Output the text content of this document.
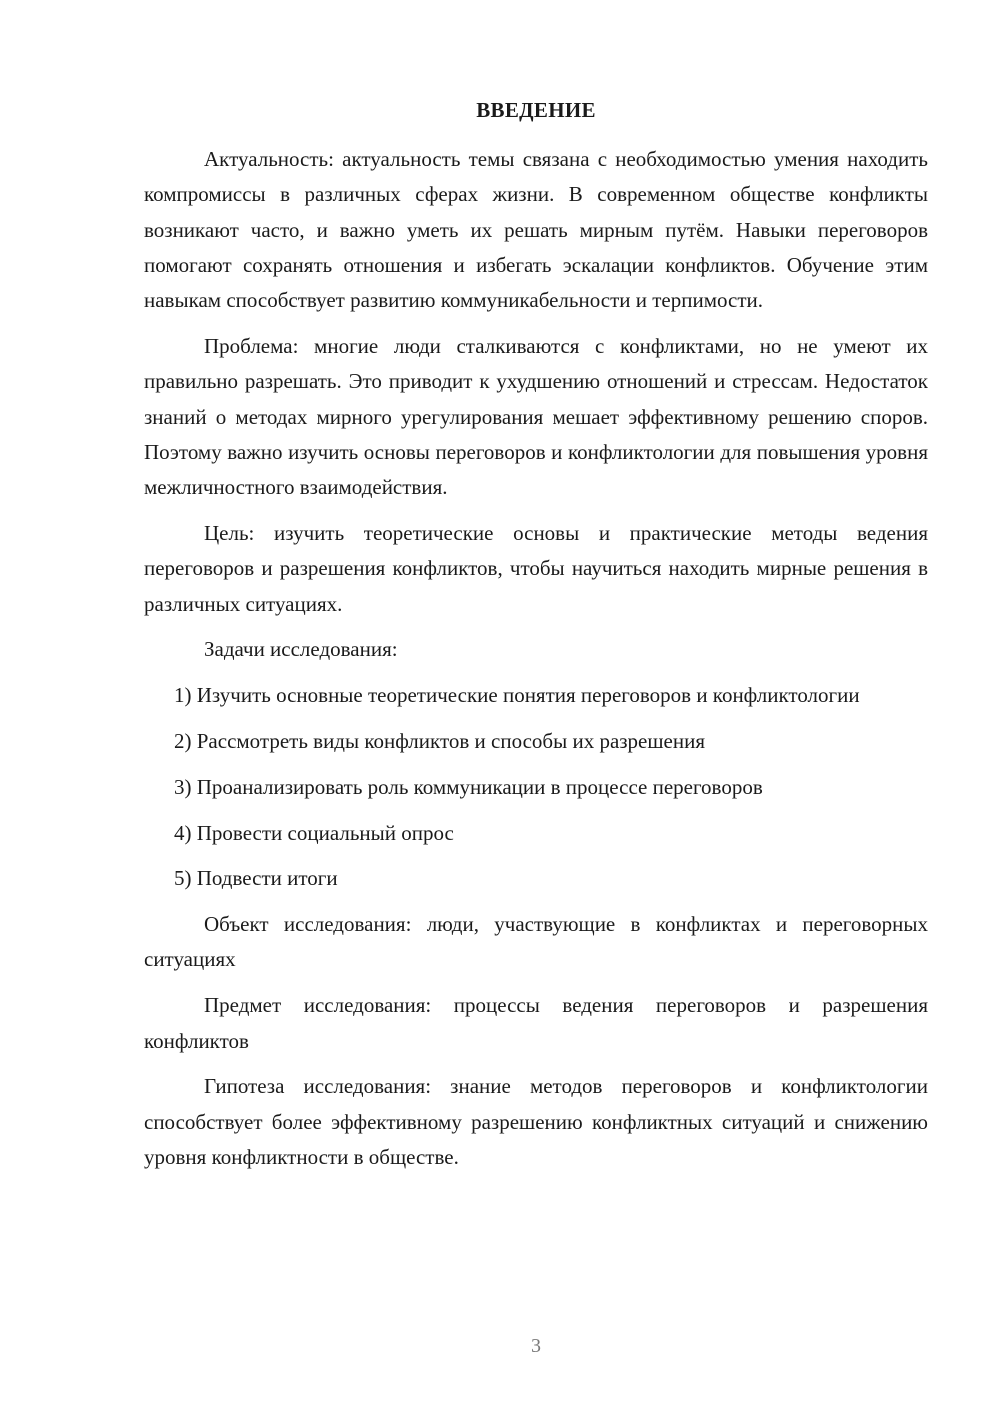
ВВЕДЕНИЕ

Актуальность: актуальность темы связана с необходимостью умения находить компромиссы в различных сферах жизни. В современном обществе конфликты возникают часто, и важно уметь их решать мирным путём. Навыки переговоров помогают сохранять отношения и избегать эскалации конфликтов. Обучение этим навыкам способствует развитию коммуникабельности и терпимости.

Проблема: многие люди сталкиваются с конфликтами, но не умеют их правильно разрешать. Это приводит к ухудшению отношений и стрессам. Недостаток знаний о методах мирного урегулирования мешает эффективному решению споров. Поэтому важно изучить основы переговоров и конфликтологии для повышения уровня межличностного взаимодействия.

Цель: изучить теоретические основы и практические методы ведения переговоров и разрешения конфликтов, чтобы научиться находить мирные решения в различных ситуациях.

Задачи исследования:

1) Изучить основные теоретические понятия переговоров и конфликтологии

2) Рассмотреть виды конфликтов и способы их разрешения

3) Проанализировать роль коммуникации в процессе переговоров

4) Провести социальный опрос

5) Подвести итоги

Объект исследования: люди, участвующие в конфликтах и переговорных ситуациях

Предмет исследования: процессы ведения переговоров и разрешения конфликтов

Гипотеза исследования: знание методов переговоров и конфликтологии способствует более эффективному разрешению конфликтных ситуаций и снижению уровня конфликтности в обществе.

3
